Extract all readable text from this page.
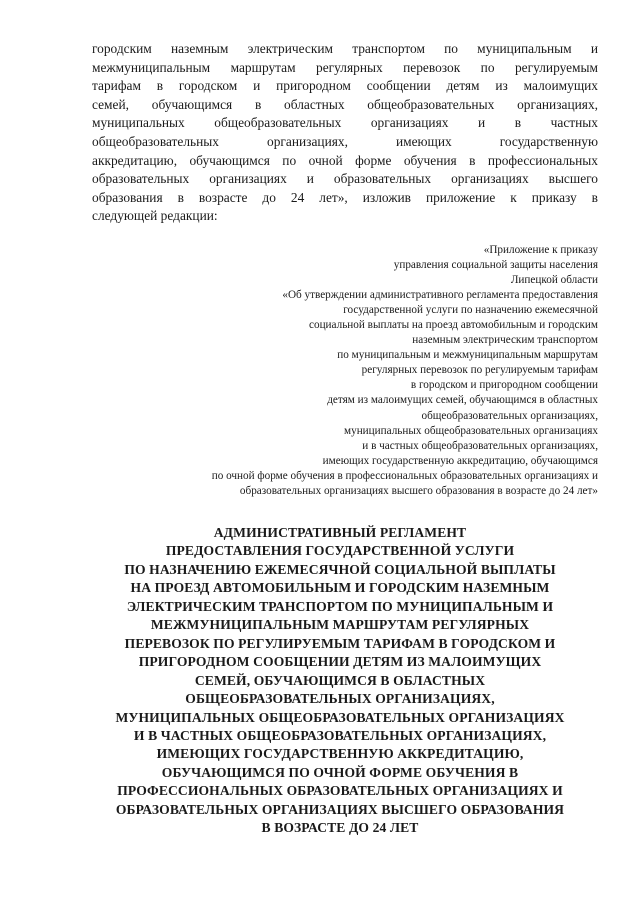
городским наземным электрическим транспортом по муниципальным и
межмуниципальным маршрутам регулярных перевозок по регулируемым
тарифам в городском и пригородном сообщении детям из малоимущих
семей, обучающимся в областных общеобразовательных организациях,
муниципальных общеобразовательных организациях и в частных
общеобразовательных организациях, имеющих государственную
аккредитацию, обучающимся по очной форме обучения в профессиональных
образовательных организациях и образовательных организациях высшего
образования в возрасте до 24 лет», изложив приложение к приказу в
следующей редакции:
«Приложение к приказу
управления социальной защиты населения
Липецкой области
«Об утверждении административного регламента предоставления
государственной услуги по назначению ежемесячной
социальной выплаты на проезд автомобильным и городским
наземным электрическим транспортом
по муниципальным и межмуниципальным маршрутам
регулярных перевозок по регулируемым тарифам
в городском и пригородном сообщении
детям из малоимущих семей, обучающимся в областных
общеобразовательных организациях,
муниципальных общеобразовательных организациях
и в частных общеобразовательных организациях,
имеющих государственную аккредитацию, обучающимся
по очной форме обучения в профессиональных образовательных организациях и
образовательных организациях высшего образования в возрасте до 24 лет»
АДМИНИСТРАТИВНЫЙ РЕГЛАМЕНТ
ПРЕДОСТАВЛЕНИЯ ГОСУДАРСТВЕННОЙ УСЛУГИ
ПО НАЗНАЧЕНИЮ ЕЖЕМЕСЯЧНОЙ СОЦИАЛЬНОЙ ВЫПЛАТЫ
НА ПРОЕЗД АВТОМОБИЛЬНЫМ И ГОРОДСКИМ НАЗЕМНЫМ
ЭЛЕКТРИЧЕСКИМ ТРАНСПОРТОМ ПО МУНИЦИПАЛЬНЫМ И
МЕЖМУНИЦИПАЛЬНЫМ МАРШРУТАМ РЕГУЛЯРНЫХ
ПЕРЕВОЗОК ПО РЕГУЛИРУЕМЫМ ТАРИФАМ В ГОРОДСКОМ И
ПРИГОРОДНОМ СООБЩЕНИИ ДЕТЯМ ИЗ МАЛОИМУЩИХ
СЕМЕЙ, ОБУЧАЮЩИМСЯ В ОБЛАСТНЫХ
ОБЩЕОБРАЗОВАТЕЛЬНЫХ ОРГАНИЗАЦИЯХ,
МУНИЦИПАЛЬНЫХ ОБЩЕОБРАЗОВАТЕЛЬНЫХ ОРГАНИЗАЦИЯХ
И В ЧАСТНЫХ ОБЩЕОБРАЗОВАТЕЛЬНЫХ ОРГАНИЗАЦИЯХ,
ИМЕЮЩИХ ГОСУДАРСТВЕННУЮ АККРЕДИТАЦИЮ,
ОБУЧАЮЩИМСЯ ПО ОЧНОЙ ФОРМЕ ОБУЧЕНИЯ В
ПРОФЕССИОНАЛЬНЫХ ОБРАЗОВАТЕЛЬНЫХ ОРГАНИЗАЦИЯХ И
ОБРАЗОВАТЕЛЬНЫХ ОРГАНИЗАЦИЯХ ВЫСШЕГО ОБРАЗОВАНИЯ
В ВОЗРАСТЕ ДО 24 ЛЕТ
